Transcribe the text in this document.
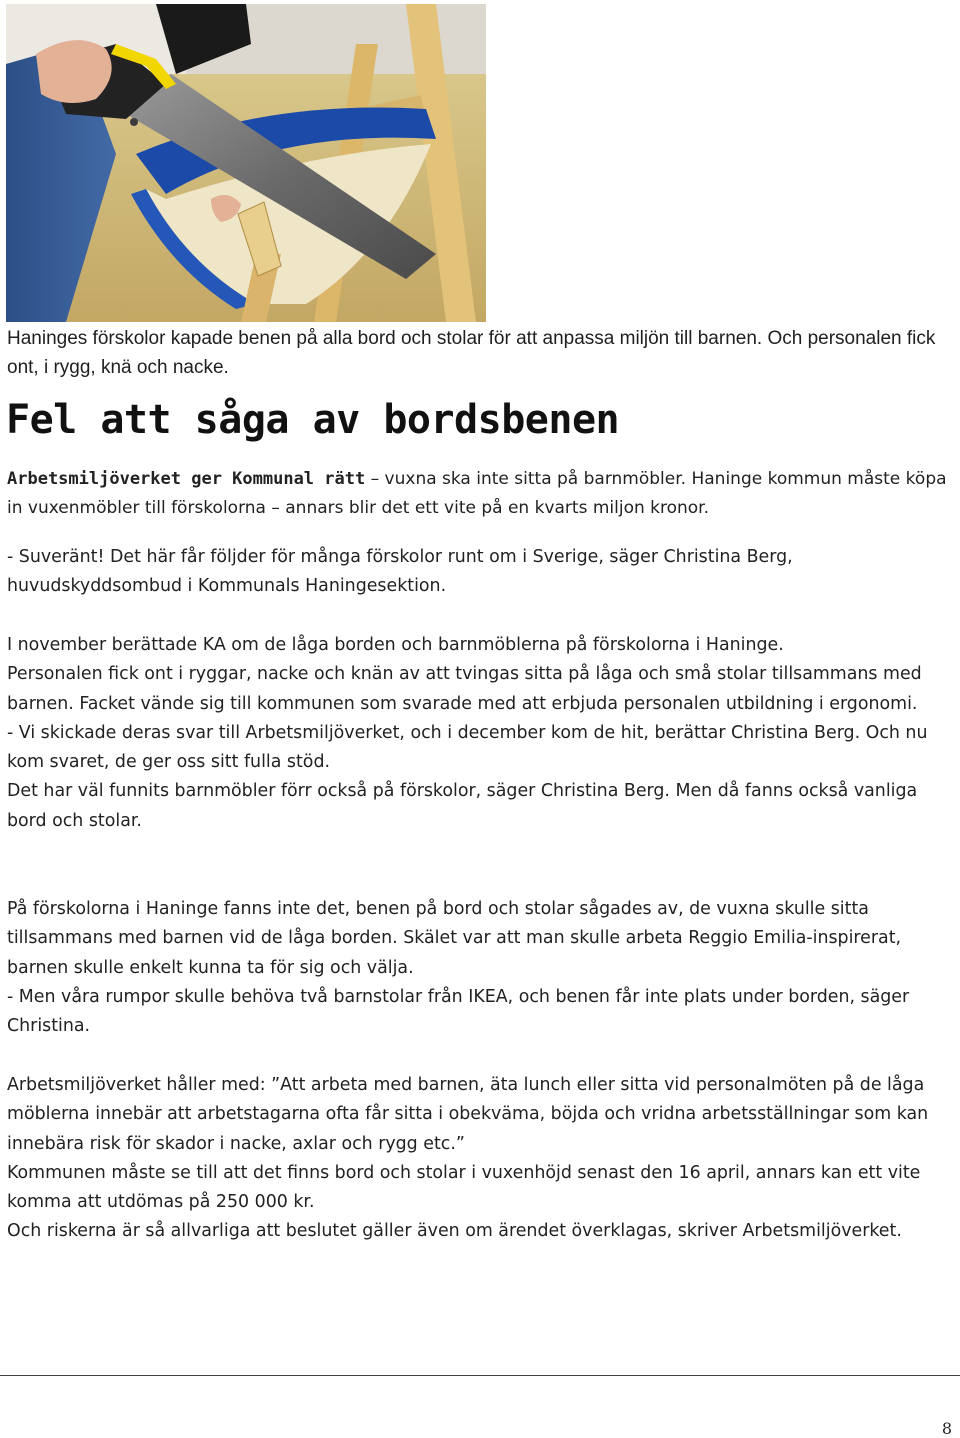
Haninges förskolor kapade benen på alla bord och stolar för att anpassa miljön till barnen. Och personalen fick ont, i rygg, knä och nacke.

Fel att såga av bordsbenen

Arbetsmiljöverket ger Kommunal rätt – vuxna ska inte sitta på barnmöbler. Haninge kommun måste köpa in vuxenmöbler till förskolorna – annars blir det ett vite på en kvarts miljon kronor.

- Suveränt! Det här får följder för många förskolor runt om i Sverige, säger Christina Berg, huvudskyddsombud i Kommunals Haningesektion.

I november berättade KA om de låga borden och barnmöblerna på förskolorna i Haninge.

Personalen fick ont i ryggar, nacke och knän av att tvingas sitta på låga och små stolar tillsammans med barnen. Facket vände sig till kommunen som svarade med att erbjuda personalen utbildning i ergonomi.

- Vi skickade deras svar till Arbetsmiljöverket, och i december kom de hit, berättar Christina Berg. Och nu kom svaret, de ger oss sitt fulla stöd.

Det har väl funnits barnmöbler förr också på förskolor, säger Christina Berg. Men då fanns också vanliga bord och stolar.

På förskolorna i Haninge fanns inte det, benen på bord och stolar sågades av, de vuxna skulle sitta tillsammans med barnen vid de låga borden. Skälet var att man skulle arbeta Reggio Emilia-inspirerat, barnen skulle enkelt kunna ta för sig och välja.

- Men våra rumpor skulle behöva två barnstolar från IKEA, och benen får inte plats under borden, säger Christina.

Arbetsmiljöverket håller med: ”Att arbeta med barnen, äta lunch eller sitta vid personalmöten på de låga möblerna innebär att arbetstagarna ofta får sitta i obekväma, böjda och vridna arbetsställningar som kan innebära risk för skador i nacke, axlar och rygg etc.”

Kommunen måste se till att det finns bord och stolar i vuxenhöjd senast den 16 april, annars kan ett vite komma att utdömas på 250 000 kr.

Och riskerna är så allvarliga att beslutet gäller även om ärendet överklagas, skriver Arbetsmiljöverket.

8
